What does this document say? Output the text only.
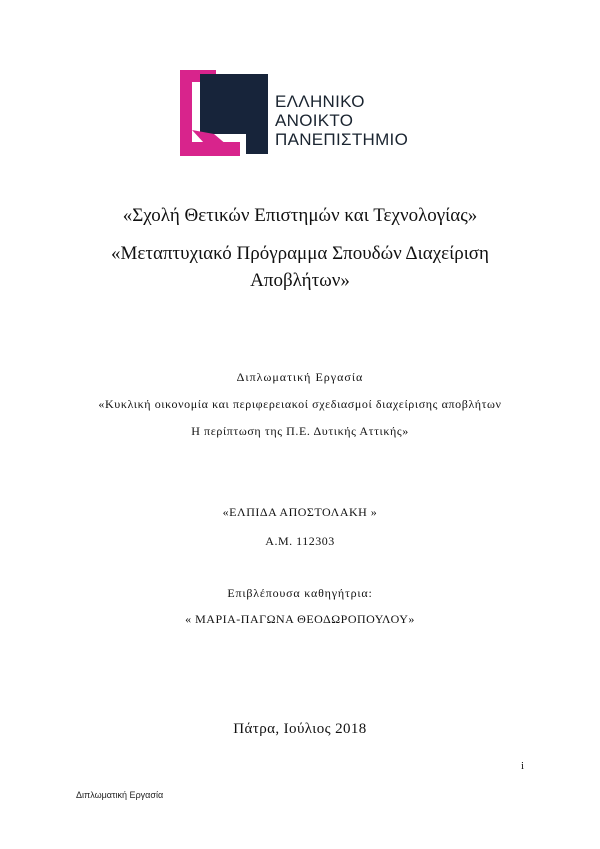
ΕΛΛΗΝΙΚΟ
ΑΝΟΙΚΤΟ
ΠΑΝΕΠΙΣΤΗΜΙΟ
«Σχολή Θετικών Επιστημών και Τεχνολογίας»
«Μεταπτυχιακό Πρόγραμμα Σπουδών Διαχείριση
Αποβλήτων»
Διπλωματική Εργασία
«Κυκλική οικονομία και περιφερειακοί σχεδιασμοί διαχείρισης αποβλήτων
Η περίπτωση της Π.Ε. Δυτικής Αττικής»
«ΕΛΠΙΔΑ ΑΠΟΣΤΟΛΑΚΗ »
Α.Μ. 112303
Επιβλέπουσα καθηγήτρια:
« ΜΑΡΙΑ-ΠΑΓΩΝΑ ΘΕΟΔΩΡΟΠΟΥΛΟΥ»
Πάτρα, Ιούλιος 2018
i
Διπλωματική Εργασία
